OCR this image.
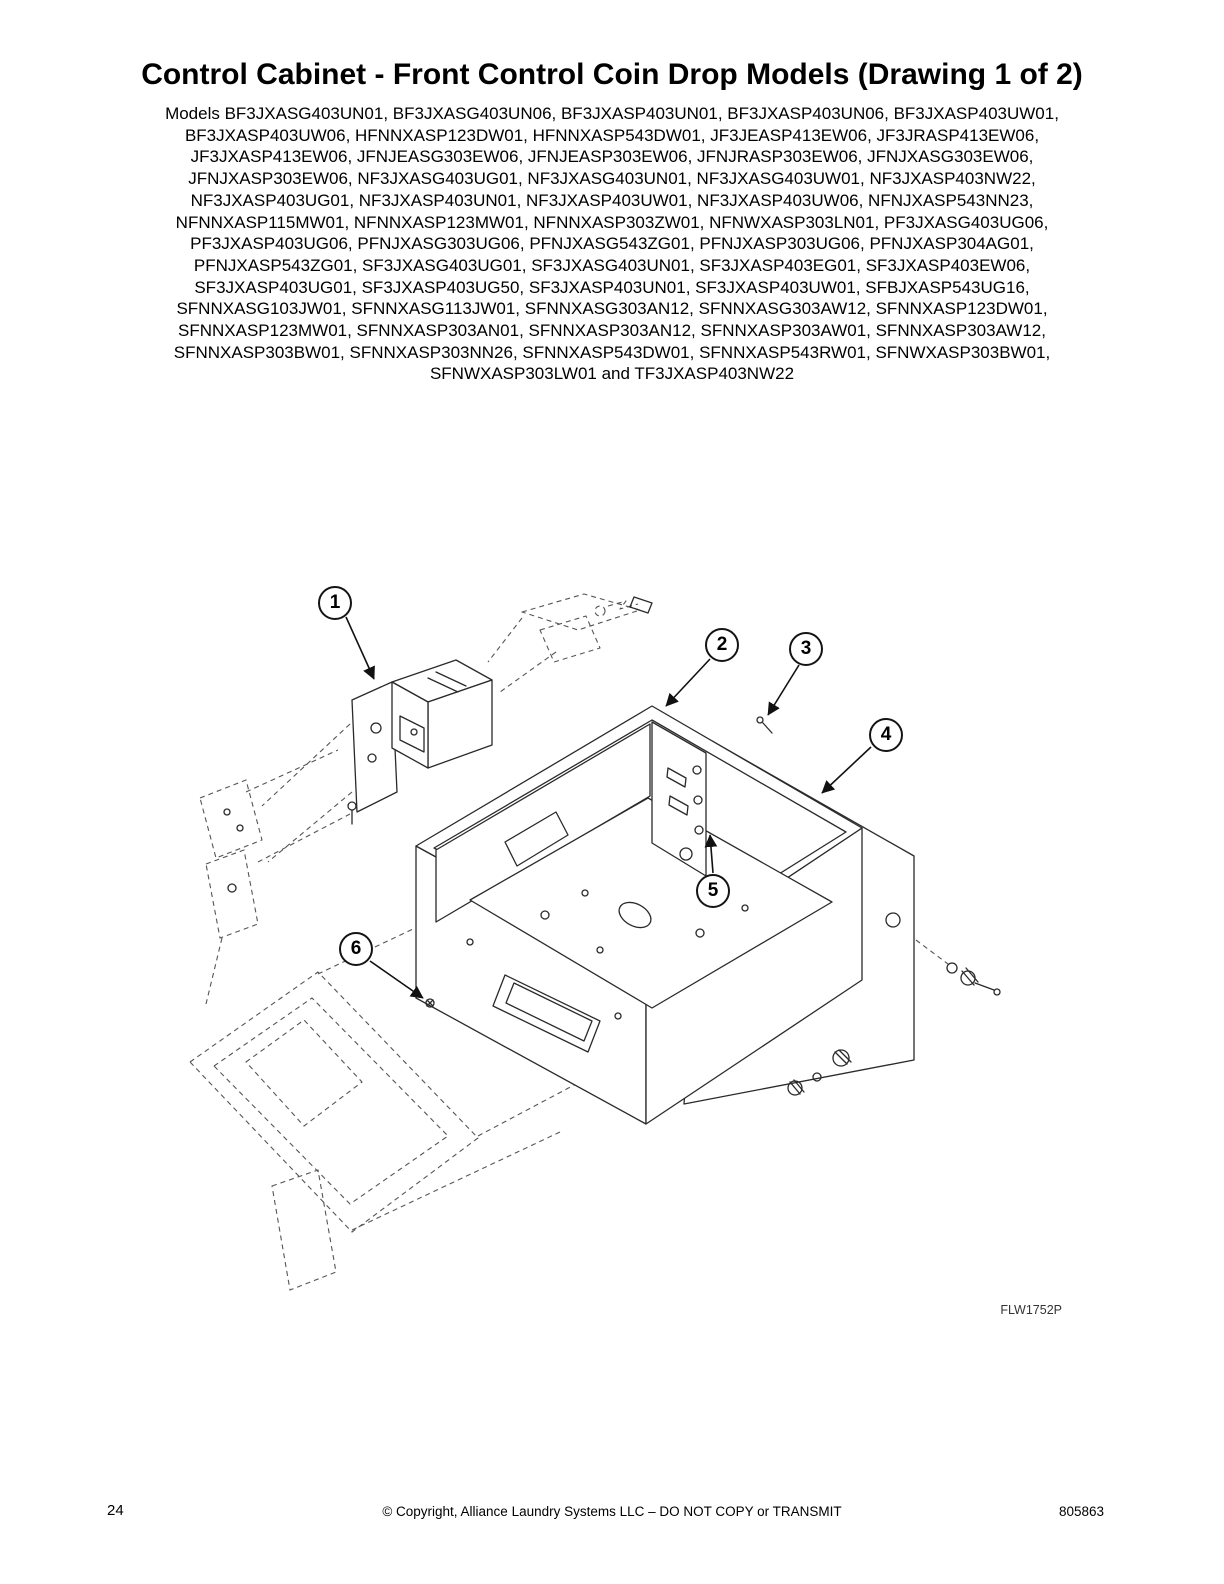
Control Cabinet - Front Control Coin Drop Models (Drawing 1 of 2)
Models BF3JXASG403UN01, BF3JXASG403UN06, BF3JXASP403UN01, BF3JXASP403UN06, BF3JXASP403UW01,
BF3JXASP403UW06, HFNNXASP123DW01, HFNNXASP543DW01, JF3JEASP413EW06, JF3JRASP413EW06,
JF3JXASP413EW06, JFNJEASG303EW06, JFNJEASP303EW06, JFNJRASP303EW06, JFNJXASG303EW06,
JFNJXASP303EW06, NF3JXASG403UG01, NF3JXASG403UN01, NF3JXASG403UW01, NF3JXASP403NW22,
NF3JXASP403UG01, NF3JXASP403UN01, NF3JXASP403UW01, NF3JXASP403UW06, NFNJXASP543NN23,
NFNNXASP115MW01, NFNNXASP123MW01, NFNNXASP303ZW01, NFNWXASP303LN01, PF3JXASG403UG06,
PF3JXASP403UG06, PFNJXASG303UG06, PFNJXASG543ZG01, PFNJXASP303UG06, PFNJXASP304AG01,
PFNJXASP543ZG01, SF3JXASG403UG01, SF3JXASG403UN01, SF3JXASP403EG01, SF3JXASP403EW06,
SF3JXASP403UG01, SF3JXASP403UG50, SF3JXASP403UN01, SF3JXASP403UW01, SFBJXASP543UG16,
SFNNXASG103JW01, SFNNXASG113JW01, SFNNXASG303AN12, SFNNXASG303AW12, SFNNXASP123DW01,
SFNNXASP123MW01, SFNNXASP303AN01, SFNNXASP303AN12, SFNNXASP303AW01, SFNNXASP303AW12,
SFNNXASP303BW01, SFNNXASP303NN26, SFNNXASP543DW01, SFNNXASP543RW01, SFNWXASP303BW01,
SFNWXASP303LW01 and TF3JXASP403NW22
1
2	3
4
5
6
FLW1752P
24	© Copyright, Alliance Laundry Systems LLC – DO NOT COPY or TRANSMIT	805863
